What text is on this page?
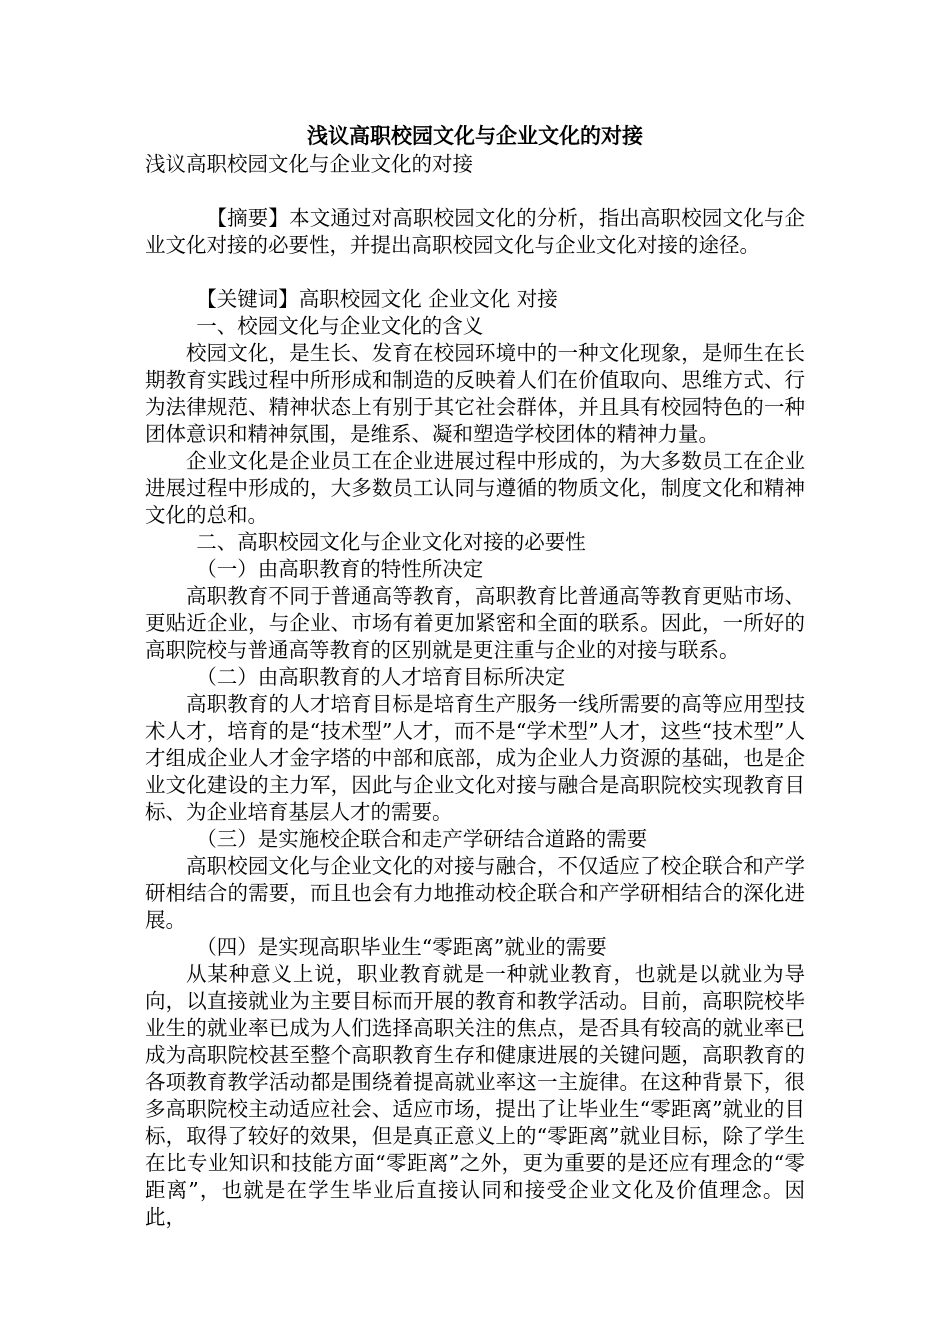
浅议高职校园文化与企业文化的对接

浅议高职校园文化与企业文化的对接

【摘要】本文通过对高职校园文化的分析，指出高职校园文化与企业文化对接的必要性，并提出高职校园文化与企业文化对接的途径。

【关键词】高职校园文化 企业文化 对接

一、校园文化与企业文化的含义

校园文化，是生长、发育在校园环境中的一种文化现象，是师生在长期教育实践过程中所形成和制造的反映着人们在价值取向、思维方式、行为法律规范、精神状态上有别于其它社会群体，并且具有校园特色的一种团体意识和精神氛围，是维系、凝和塑造学校团体的精神力量。

企业文化是企业员工在企业进展过程中形成的，为大多数员工在企业进展过程中形成的，大多数员工认同与遵循的物质文化，制度文化和精神文化的总和。

二、高职校园文化与企业文化对接的必要性

（一）由高职教育的特性所决定

高职教育不同于普通高等教育，高职教育比普通高等教育更贴市场、更贴近企业，与企业、市场有着更加紧密和全面的联系。因此，一所好的高职院校与普通高等教育的区别就是更注重与企业的对接与联系。

（二）由高职教育的人才培育目标所决定

高职教育的人才培育目标是培育生产服务一线所需要的高等应用型技术人才，培育的是“技术型”人才，而不是“学术型”人才，这些“技术型”人才组成企业人才金字塔的中部和底部，成为企业人力资源的基础，也是企业文化建设的主力军，因此与企业文化对接与融合是高职院校实现教育目标、为企业培育基层人才的需要。

（三）是实施校企联合和走产学研结合道路的需要

高职校园文化与企业文化的对接与融合，不仅适应了校企联合和产学研相结合的需要，而且也会有力地推动校企联合和产学研相结合的深化进展。

（四）是实现高职毕业生“零距离”就业的需要

从某种意义上说，职业教育就是一种就业教育，也就是以就业为导向，以直接就业为主要目标而开展的教育和教学活动。目前，高职院校毕业生的就业率已成为人们选择高职关注的焦点，是否具有较高的就业率已成为高职院校甚至整个高职教育生存和健康进展的关键问题，高职教育的各项教育教学活动都是围绕着提高就业率这一主旋律。在这种背景下，很多高职院校主动适应社会、适应市场，提出了让毕业生“零距离”就业的目标，取得了较好的效果，但是真正意义上的“零距离”就业目标，除了学生在比专业知识和技能方面“零距离”之外，更为重要的是还应有理念的“零距离”，也就是在学生毕业后直接认同和接受企业文化及价值理念。因此，
